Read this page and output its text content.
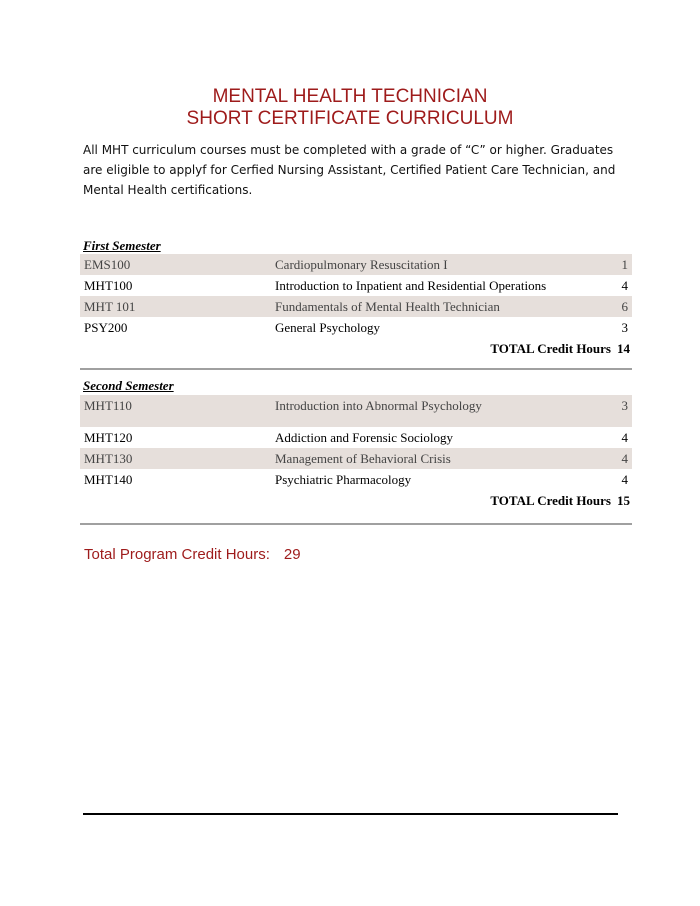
MENTAL HEALTH TECHNICIAN
SHORT CERTIFICATE CURRICULUM
All MHT curriculum courses must be completed with a grade of “C” or higher. Graduates are eligible to applyf for Cerfied Nursing Assistant, Certified Patient Care Technician, and Mental Health certifications.
First Semester
EMS100	Cardiopulmonary Resuscitation I	1
MHT100	Introduction to Inpatient and Residential Operations	4
MHT 101	Fundamentals of Mental Health Technician	6
PSY200	General Psychology	3
TOTAL Credit Hours 14
Second Semester
MHT110	Introduction into Abnormal Psychology	3
MHT120	Addiction and Forensic Sociology	4
MHT130	Management of Behavioral Crisis	4
MHT140	Psychiatric Pharmacology	4
TOTAL Credit Hours 15
Total Program Credit Hours: 29
